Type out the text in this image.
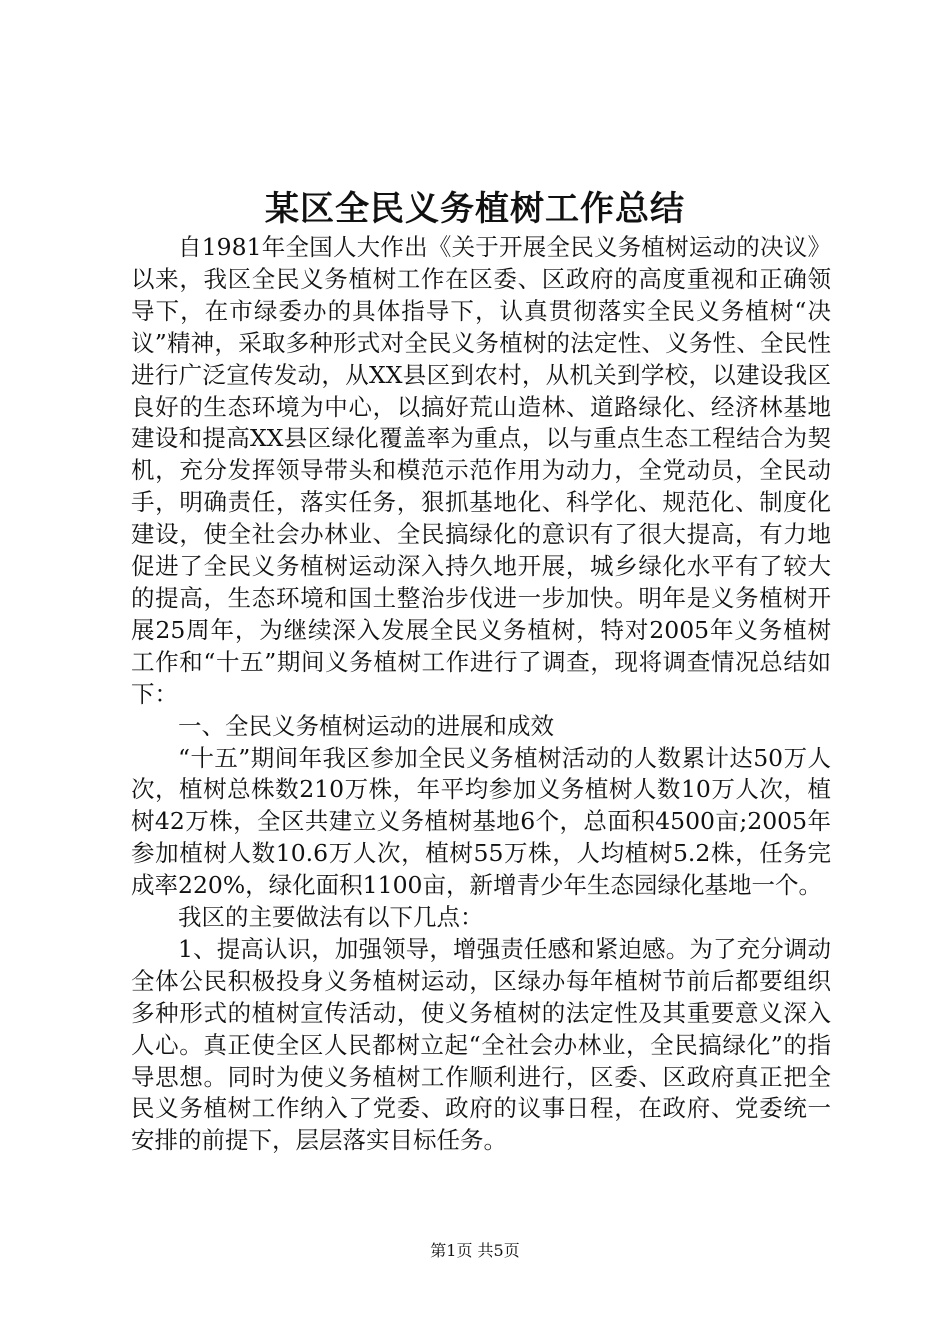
某区全民义务植树工作总结

自1981年全国人大作出《关于开展全民义务植树运动的决议》以来，我区全民义务植树工作在区委、区政府的高度重视和正确领导下，在市绿委办的具体指导下，认真贯彻落实全民义务植树“决议”精神，采取多种形式对全民义务植树的法定性、义务性、全民性进行广泛宣传发动，从XX县区到农村，从机关到学校，以建设我区良好的生态环境为中心，以搞好荒山造林、道路绿化、经济林基地建设和提高XX县区绿化覆盖率为重点，以与重点生态工程结合为契机，充分发挥领导带头和模范示范作用为动力，全党动员，全民动手，明确责任，落实任务，狠抓基地化、科学化、规范化、制度化建设，使全社会办林业、全民搞绿化的意识有了很大提高，有力地促进了全民义务植树运动深入持久地开展，城乡绿化水平有了较大的提高，生态环境和国土整治步伐进一步加快。明年是义务植树开展25周年，为继续深入发展全民义务植树，特对2005年义务植树工作和“十五”期间义务植树工作进行了调查，现将调查情况总结如下：

一、全民义务植树运动的进展和成效

“十五”期间年我区参加全民义务植树活动的人数累计达50万人次，植树总株数210万株，年平均参加义务植树人数10万人次，植树42万株，全区共建立义务植树基地6个，总面积4500亩;2005年参加植树人数10.6万人次，植树55万株，人均植树5.2株，任务完成率220%，绿化面积1100亩，新增青少年生态园绿化基地一个。

我区的主要做法有以下几点：

1、提高认识，加强领导，增强责任感和紧迫感。为了充分调动全体公民积极投身义务植树运动，区绿办每年植树节前后都要组织多种形式的植树宣传活动，使义务植树的法定性及其重要意义深入人心。真正使全区人民都树立起“全社会办林业，全民搞绿化”的指导思想。同时为使义务植树工作顺利进行，区委、区政府真正把全民义务植树工作纳入了党委、政府的议事日程，在政府、党委统一安排的前提下，层层落实目标任务。

第1页 共5页
